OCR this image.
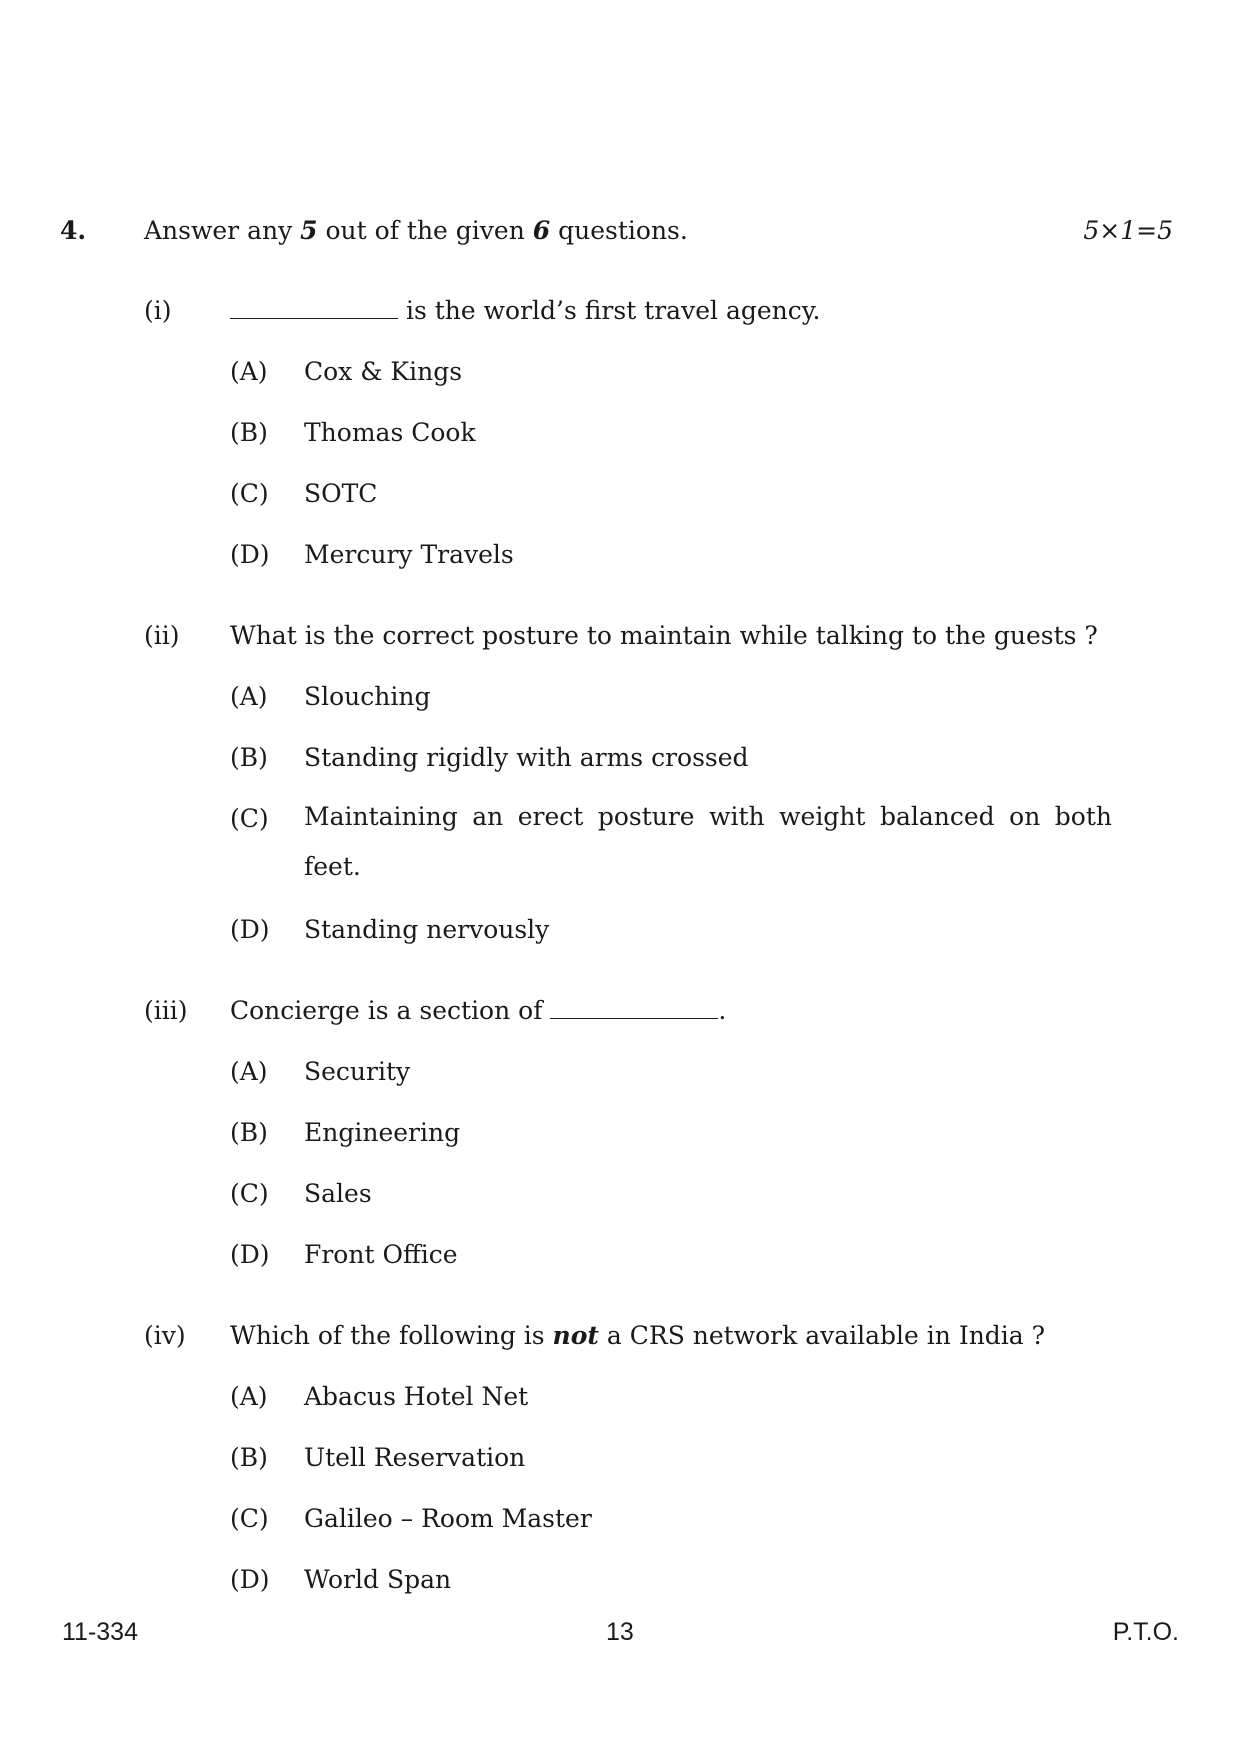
4. Answer any 5 out of the given 6 questions.	5×1=5
(i)	is the world’s first travel agency.
(A) Cox & Kings
(B) Thomas Cook
(C) SOTC
(D) Mercury Travels
(ii) What is the correct posture to maintain while talking to the guests ?
(A) Slouching
(B) Standing rigidly with arms crossed
(C) Maintaining an erect posture with weight balanced on both feet.
(D) Standing nervously
(iii) Concierge is a section of	.
(A) Security
(B) Engineering
(C) Sales
(D) Front Office
(iv) Which of the following is not a CRS network available in India ?
(A) Abacus Hotel Net
(B) Utell Reservation
(C) Galileo – Room Master
(D) World Span
11-334	13	P.T.O.
